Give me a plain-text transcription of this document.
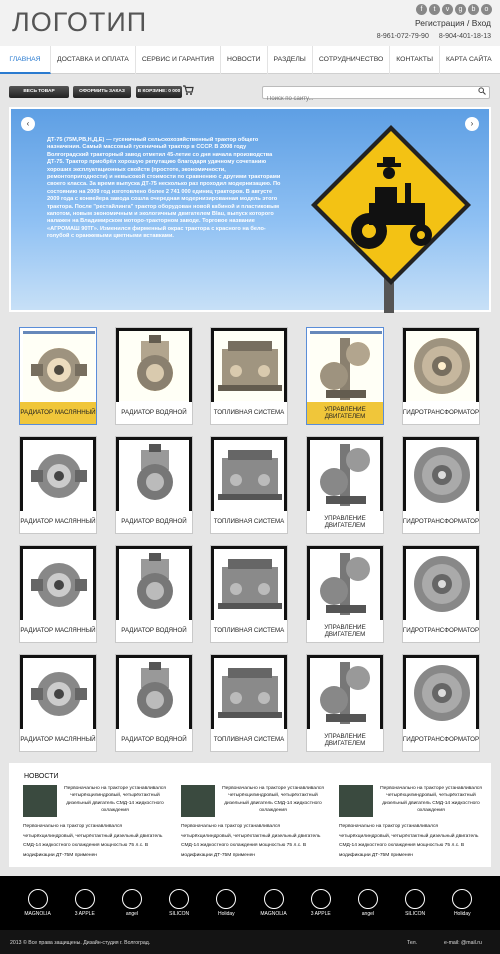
ЛОГОТИП	f	t	v	g	b	o
Регистрация / Вход
8-961-072-79-90 8-904-401-18-13
ГЛАВНАЯ	ДОСТАВКА И ОПЛАТА	СЕРВИС И ГАРАНТИЯ	НОВОСТИ	РАЗДЕЛЫ	СОТРУДНИЧЕСТВО	КОНТАКТЫ	КАРТА САЙТА
ВЕСЬ ТОВАР	ОФОРМИТЬ ЗАКАЗ	В КОРЗИНЕ: 0 000
Поиск по сайту...
‹	›
ДТ-75 (75М,РВ,Н,Д,Е) — гусеничный сельскохозяйственный трактор общего назначения. Самый массовый гусеничный трактор в СССР. В 2008 году Волгоградский тракторный завод отметил 45-летие со дня начала производства ДТ-75. Трактор приобрёл хорошую репутацию благодаря удачному сочетанию хороших эксплуатационных свойств (простоте, экономичности, ремонтопригодности) и невысокой стоимости по сравнению с другими тракторами своего класса. За время выпуска ДТ-75 несколько раз проходил модернизацию. По состоянию на 2009 год изготовлено более 2 741 000 единиц тракторов. В августе 2009 года с конвейера завода сошла очередная модернизированная модель этого трактора. После "рестайлинга" трактор оборудован новой кабиной и пластиковым капотом, новым экономичным и экологичным двигателем Blau, выпуск которого налажен на Владимирском моторо-тракторном заводе. Торговое название «АГРОМАШ 90ТГ». Изменился фирменный окрас трактора с красного на бело-голубой с оранжевыми цветными вставками.
РАДИАТОР МАСЛЯННЫЙ	РАДИАТОР ВОДЯНОЙ	ТОПЛИВНАЯ СИСТЕМА
УПРАВЛЕНИЕ ДВИГАТЕЛЕМ
ГИДРОТРАНСФОРМАТОР
РАДИАТОР МАСЛЯННЫЙ	РАДИАТОР ВОДЯНОЙ	ТОПЛИВНАЯ СИСТЕМА
УПРАВЛЕНИЕ ДВИГАТЕЛЕМ
ГИДРОТРАНСФОРМАТОР
РАДИАТОР МАСЛЯННЫЙ	РАДИАТОР ВОДЯНОЙ	ТОПЛИВНАЯ СИСТЕМА
УПРАВЛЕНИЕ ДВИГАТЕЛЕМ
ГИДРОТРАНСФОРМАТОР
РАДИАТОР МАСЛЯННЫЙ	РАДИАТОР ВОДЯНОЙ	ТОПЛИВНАЯ СИСТЕМА
УПРАВЛЕНИЕ ДВИГАТЕЛЕМ
ГИДРОТРАНСФОРМАТОР
НОВОСТИ
Первоначально на тракторе устанавливался четырёхцилиндровый, четырёхтактный дизельный двигатель СМД-14 жидкостного охлаждения
Первоначально на трактор устанавливался четырёхцилиндровый, четырёхтактный дизельный двигатель СМД-14 жидкостного охлаждения мощностью 75 л.с. В модификации ДТ-75М применен
Первоначально на тракторе устанавливался четырёхцилиндровый, четырёхтактный дизельный двигатель СМД-14 жидкостного охлаждения
Первоначально на трактор устанавливался четырёхцилиндровый, четырёхтактный дизельный двигатель СМД-14 жидкостного охлаждения мощностью 75 л.с. В модификации ДТ-75М применен
Первоначально на тракторе устанавливался четырёхцилиндровый, четырёхтактный дизельный двигатель СМД-14 жидкостного охлаждения
Первоначально на трактор устанавливался четырёхцилиндровый, четырёхтактный дизельный двигатель СМД-14 жидкостного охлаждения мощностью 75 л.с. В модификации ДТ-75М применен
MAGNOLIA	3 APPLE	angel	SILICON	Holiday	MAGNOLIA	3 APPLE	angel	SILICON	Holiday
2013 © Все права защищены. Дизайн-студия г. Волгоград.	Тел.	e-mail: @mail.ru
